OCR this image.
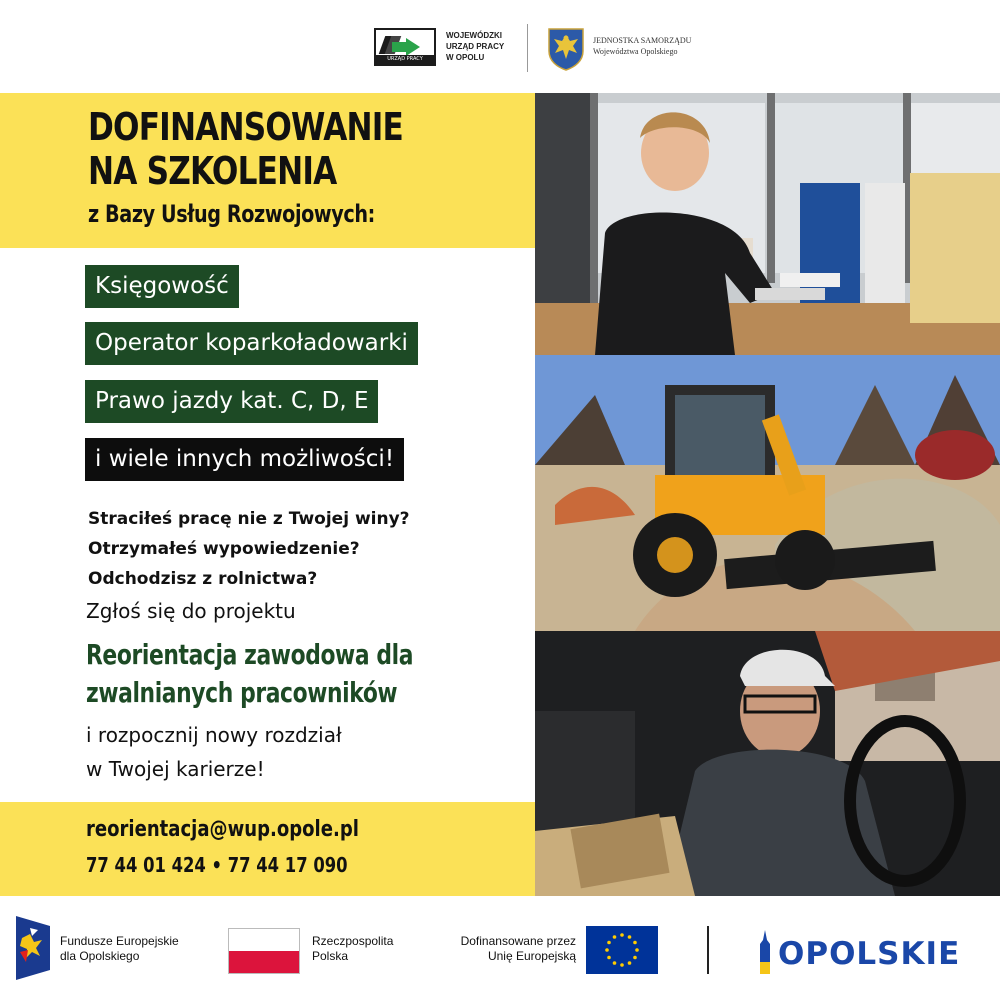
URZĄD PRACY
WOJEWÓDZKI
URZĄD PRACY
W OPOLU
JEDNOSTKA SAMORZĄDU
Województwa Opolskiego
DOFINANSOWANIE
NA SZKOLENIA
z Bazy Usług Rozwojowych:
Księgowość
Operator koparkoładowarki
Prawo jazdy kat. C, D, E
i wiele innych możliwości!
Straciłeś pracę nie z Twojej winy?
Otrzymałeś wypowiedzenie?
Odchodzisz z rolnictwa?
Zgłoś się do projektu
Reorientacja zawodowa dla
zwalnianych pracowników
i rozpocznij nowy rozdział
w Twojej karierze!
reorientacja@wup.opole.pl
77 44 01 424 • 77 44 17 090
Fundusze Europejskie
dla Opolskiego
Rzeczpospolita
Polska
Dofinansowane przez
Unię Europejską	OPOLSKIE
